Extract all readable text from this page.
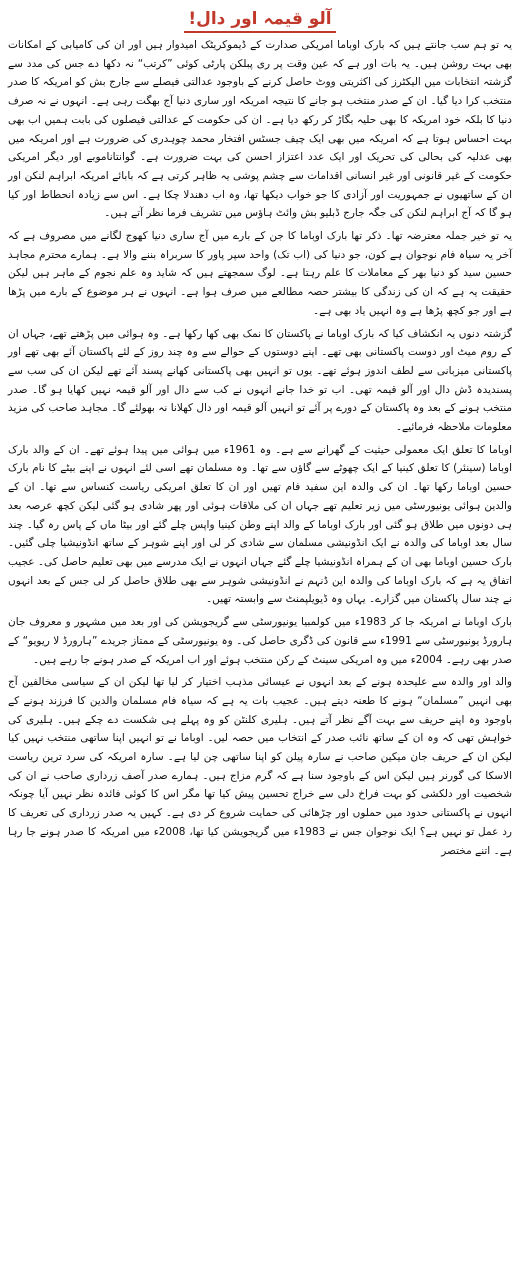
آلو قیمہ اور دال!

یہ تو ہم سب جانتے ہیں کہ بارک اوباما امریکی صدارت کے ڈیموکریٹک امیدوار ہیں اور ان کی کامیابی کے امکانات بھی بہت روشن ہیں۔ یہ بات اور ہے کہ عین وقت پر ری پبلکن پارٹی کوئی ”کرتب“ نہ دکھا دے جس کی مدد سے گزشتہ انتخابات میں الیکٹرز کی اکثریتی ووٹ حاصل کرنے کے باوجود عدالتی فیصلے سے جارج بش کو امریکہ کا صدر منتخب کرا دیا گیا۔ ان کے صدر منتخب ہو جانے کا نتیجہ امریکہ اور ساری دنیا آج بھگت رہی ہے۔ انہوں نے نہ صرف دنیا کا بلکہ خود امریکہ کا بھی حلیہ بگاڑ کر رکھ دیا ہے۔ ان کی حکومت کے عدالتی فیصلوں کی بابت ہمیں اب بھی بہت احساس ہوتا ہے کہ امریکہ میں بھی ایک چیف جسٹس افتخار محمد چوہدری کی ضرورت ہے اور امریکہ میں بھی عدلیہ کی بحالی کی تحریک اور ایک عدد اعتزاز احسن کی بہت ضرورت ہے۔ گوانتاناموبے اور دیگر امریکی حکومت کے غیر قانونی اور غیر انسانی اقدامات سے چشم پوشی یہ ظاہر کرتی ہے کہ بابائے امریکہ ابراہم لنکن اور ان کے ساتھیوں نے جمہوریت اور آزادی کا جو خواب دیکھا تھا، وہ اب دھندلا چکا ہے۔ اس سے زیادہ انحطاط اور کیا ہو گا کہ آج ابراہم لنکن کی جگہ جارج ڈبلیو بش وائٹ ہاؤس میں تشریف فرما نظر آتے ہیں۔

یہ تو خیر جملہ معترضہ تھا۔ ذکر تھا بارک اوباما کا جن کے بارے میں آج ساری دنیا کھوج لگانے میں مصروف ہے کہ آخر یہ سیاہ فام نوجوان ہے کون، جو دنیا کی (اب تک) واحد سپر پاور کا سربراہ بننے والا ہے۔ ہمارے محترم مجاہد حسین سید کو دنیا بھر کے معاملات کا علم رہتا ہے۔ لوگ سمجھتے ہیں کہ شاید وہ علم نجوم کے ماہر ہیں لیکن حقیقت یہ ہے کہ ان کی زندگی کا بیشتر حصہ مطالعے میں صرف ہوا ہے۔ انہوں نے ہر موضوع کے بارے میں پڑھا ہے اور جو کچھ پڑھا ہے وہ انہیں یاد بھی ہے۔

گزشتہ دنوں یہ انکشاف کیا کہ بارک اوباما نے پاکستان کا نمک بھی کھا رکھا ہے۔ وہ ہوائی میں پڑھتے تھے، جہاں ان کے روم میٹ اور دوست پاکستانی بھی تھے۔ اپنے دوستوں کے حوالے سے وہ چند روز کے لئے پاکستان آئے بھی تھے اور پاکستانی میزبانی سے لطف اندوز ہوئے تھے۔ یوں تو انہیں بھی پاکستانی کھانے پسند آئے تھے لیکن ان کی سب سے پسندیدہ ڈش دال اور آلو قیمہ تھی۔ اب تو خدا جانے انہوں نے کب سے دال اور آلو قیمہ نہیں کھایا ہو گا۔ صدر منتخب ہونے کے بعد وہ پاکستان کے دورے پر آئے تو انہیں آلو قیمہ اور دال کھلانا نہ بھولئے گا۔ مجاہد صاحب کی مزید معلومات ملاحظہ فرمائیے۔

اوباما کا تعلق ایک معمولی حیثیت کے گھرانے سے ہے۔ وہ 1961ء میں ہوائی میں پیدا ہوئے تھے۔ ان کے والد بارک اوباما (سینئر) کا تعلق کینیا کے ایک چھوٹے سے گاؤں سے تھا۔ وہ مسلمان تھے اسی لئے انہوں نے اپنے بیٹے کا نام بارک حسین اوباما رکھا تھا۔ ان کی والدہ این سفید فام تھیں اور ان کا تعلق امریکی ریاست کنساس سے تھا۔ ان کے والدین ہوائی یونیورسٹی میں زیر تعلیم تھے جہاں ان کی ملاقات ہوئی اور پھر شادی ہو گئی لیکن کچھ عرصہ بعد ہی دونوں میں طلاق ہو گئی اور بارک اوباما کے والد اپنے وطن کینیا واپس چلے گئے اور بیٹا ماں کے پاس رہ گیا۔ چند سال بعد اوباما کی والدہ نے ایک انڈونیشی مسلمان سے شادی کر لی اور اپنے شوہر کے ساتھ انڈونیشیا چلی گئیں۔ بارک حسین اوباما بھی ان کے ہمراہ انڈونیشیا چلے گئے جہاں انہوں نے ایک مدرسے میں بھی تعلیم حاصل کی۔ عجیب اتفاق یہ ہے کہ بارک اوباما کی والدہ این ڈنہم نے انڈونیشی شوہر سے بھی طلاق حاصل کر لی جس کے بعد انہوں نے چند سال پاکستان میں گزارے۔ یہاں وہ ڈیویلپمنٹ سے وابستہ تھیں۔

بارک اوباما نے امریکہ جا کر 1983ء میں کولمبیا یونیورسٹی سے گریجویشن کی اور بعد میں مشہور و معروف جان ہارورڈ یونیورسٹی سے 1991ء سے قانون کی ڈگری حاصل کی۔ وہ یونیورسٹی کے ممتاز جریدے ”ہارورڈ لا ریویو“ کے صدر بھی رہے۔ 2004ء میں وہ امریکی سینٹ کے رکن منتخب ہوئے اور اب امریکہ کے صدر ہونے جا رہے ہیں۔

والد اور والدہ سے علیحدہ ہونے کے بعد انہوں نے عیسائی مذہب اختیار کر لیا تھا لیکن ان کے سیاسی مخالفین آج بھی انہیں ”مسلمان“ ہونے کا طعنہ دیتے ہیں۔ عجیب بات یہ ہے کہ سیاہ فام مسلمان والدین کا فرزند ہونے کے باوجود وہ اپنے حریف سے بہت آگے نظر آتے ہیں۔ ہلیری کلنٹن کو وہ پہلے ہی شکست دے چکے ہیں۔ ہلیری کی خواہش تھی کہ وہ ان کے ساتھ نائب صدر کے انتخاب میں حصہ لیں۔ اوباما نے تو انہیں اپنا ساتھی منتخب نہیں کیا لیکن ان کے حریف جان میکین صاحب نے سارہ پیلن کو اپنا ساتھی چن لیا ہے۔ سارہ امریکہ کی سرد ترین ریاست الاسکا کی گورنر ہیں لیکن اس کے باوجود سنا ہے کہ گرم مزاج ہیں۔ ہمارے صدر آصف زرداری صاحب نے ان کی شخصیت اور دلکشی کو بہت فراخ دلی سے خراج تحسین پیش کیا تھا مگر اس کا کوئی فائدہ نظر نہیں آیا چونکہ انہوں نے پاکستانی حدود میں حملوں اور چڑھائی کی حمایت شروع کر دی ہے۔ کہیں یہ صدر زرداری کی تعریف کا رد عمل تو نہیں ہے؟ ایک نوجوان جس نے 1983ء میں گریجویشن کیا تھا، 2008ء میں امریکہ کا صدر ہونے جا رہا ہے۔ اتنے مختصر
